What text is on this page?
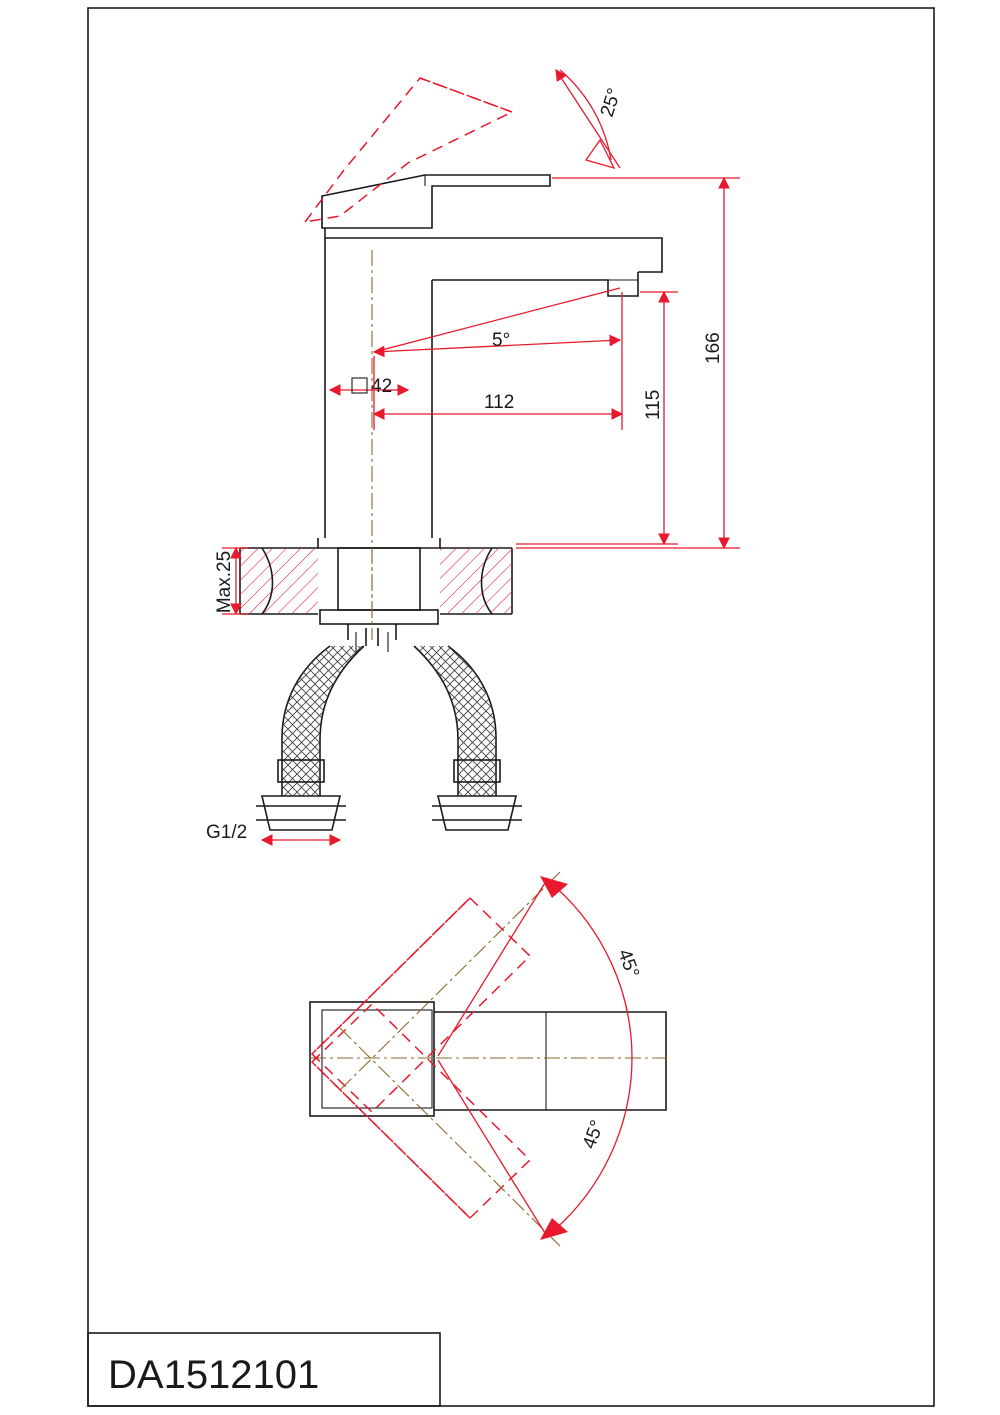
25°
5°
42
112	115
166
Max.25
G1/2
45°
45°
DA1512101
